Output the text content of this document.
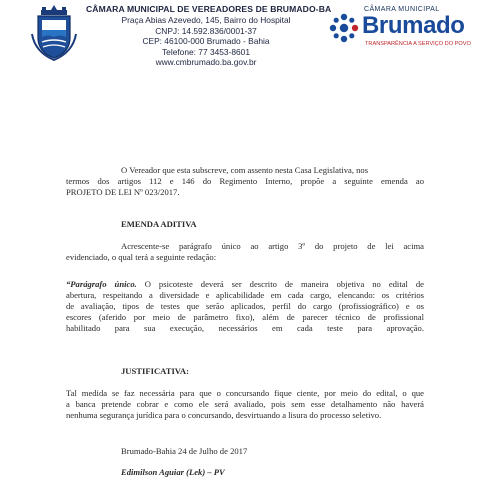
CÂMARA MUNICIPAL DE VEREADORES DE BRUMADO-BA
Praça Abias Azevedo, 145, Bairro do Hospital
CNPJ: 14.592.836/0001-37
CEP: 46100-000 Brumado - Bahia
Telefone: 77 3453-8601
www.cmbrumado.ba.gov.br
CÂMARA MUNICIPAL
Brumado
TRANSPARÊNCIA A SERVIÇO DO POVO
O Vereador que esta subscreve, com assento nesta Casa Legislativa, nos
termos dos artigos 112 e 146 do Regimento Interno, propõe a seguinte emenda ao
PROJETO DE LEI Nº 023/2017.
EMENDA ADITIVA
Acrescente-se parágrafo único ao artigo 3º do projeto de lei acima
evidenciado, o qual terá a seguinte redação:
“Parágrafo único. O psicoteste deverá ser descrito de maneira objetiva no edital de
abertura, respeitando a diversidade e aplicabilidade em cada cargo, elencando: os critérios
de avaliação, tipos de testes que serão aplicados, perfil do cargo (profissiográfico) e os
escores (aferido por meio de parâmetro fixo), além de parecer técnico de profissional
habilitado para sua execução, necessários em cada teste para aprovação.
JUSTIFICATIVA:
Tal medida se faz necessária para que o concursando fique ciente, por meio do edital, o que
a banca pretende cobrar e como ele será avaliado, pois sem esse detalhamento não haverá
nenhuma segurança jurídica para o concursando, desvirtuando a lisura do processo seletivo.
Brumado-Bahia 24 de Julho de 2017
Edimilson Aguiar (Lek) – PV
